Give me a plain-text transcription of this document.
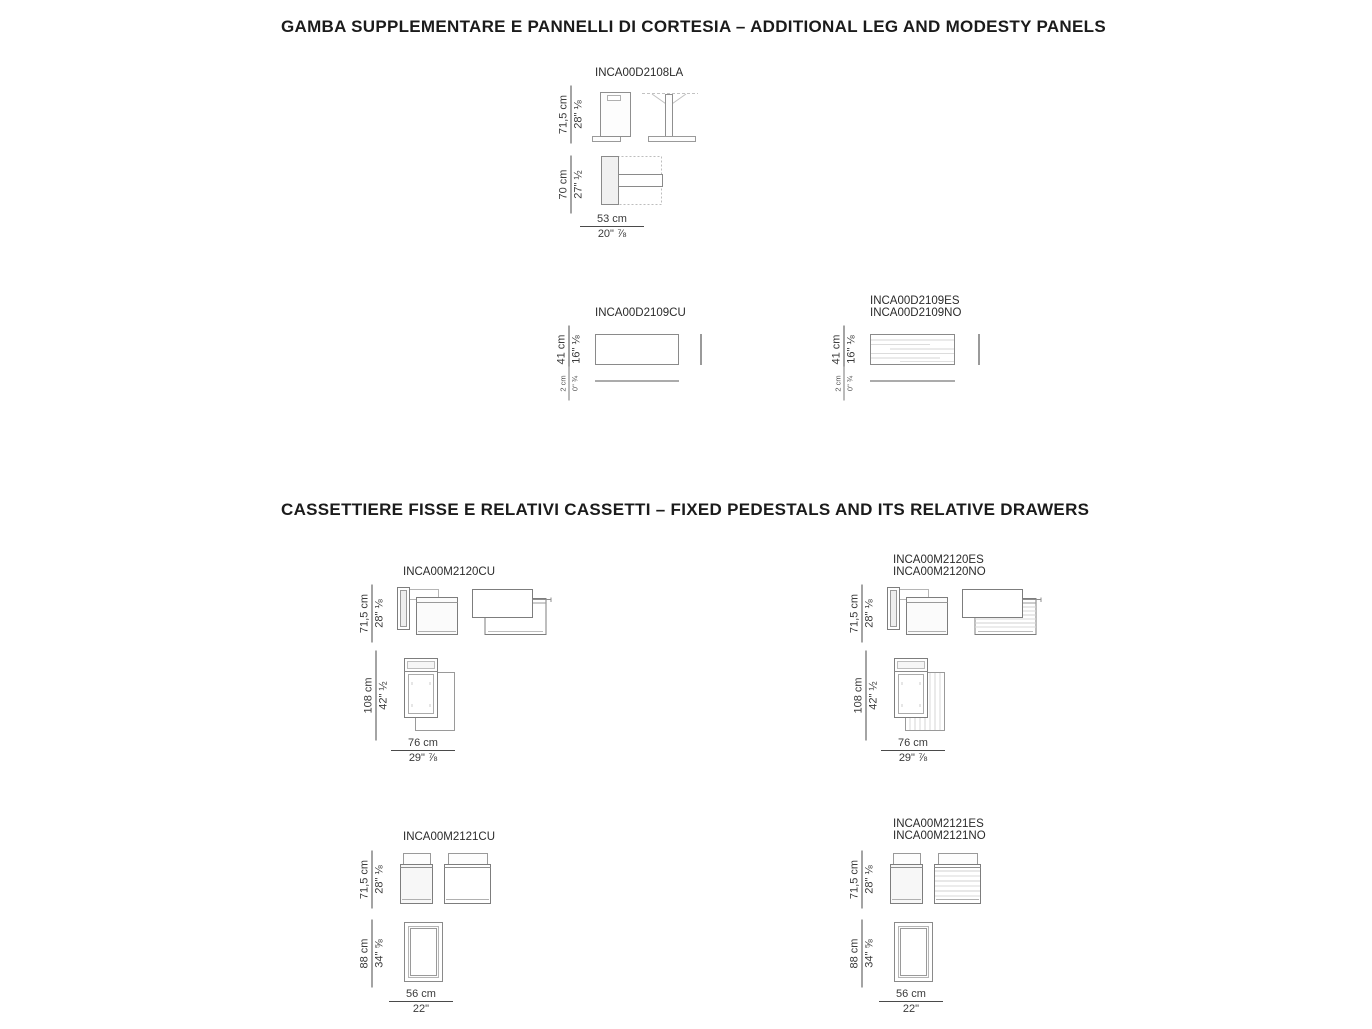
GAMBA SUPPLEMENTARE E PANNELLI DI CORTESIA – ADDITIONAL LEG AND MODESTY PANELS
INCA00D2108LA
71,5 cm 28" ⅛
70 cm 27" ½
$\frac{53 cm}{\text{20" ⅞}}$
INCA00D2109CU
41 cm 16" ⅛
2 cm 0" ¾
INCA00D2109ES
INCA00D2109NO
41 cm 16" ⅛
2 cm 0" ¾
CASSETTIERE FISSE E RELATIVI CASSETTI – FIXED PEDESTALS AND ITS RELATIVE DRAWERS
INCA00M2120CU
71,5 cm 28" ⅛
108 cm 42" ½
$\frac{76 cm}{\text{29" ⅞}}$
INCA00M2120ES
INCA00M2120NO
71,5 cm 28" ⅛
108 cm 42" ½
$\frac{76 cm}{\text{29" ⅞}}$
INCA00M2121CU
71,5 cm 28" ⅛
88 cm 34" ⅝
$\frac{56 cm}{22"}$
INCA00M2121ES
INCA00M2121NO
71,5 cm 28" ⅛
88 cm 34" ⅝
$\frac{56 cm}{22"}$
